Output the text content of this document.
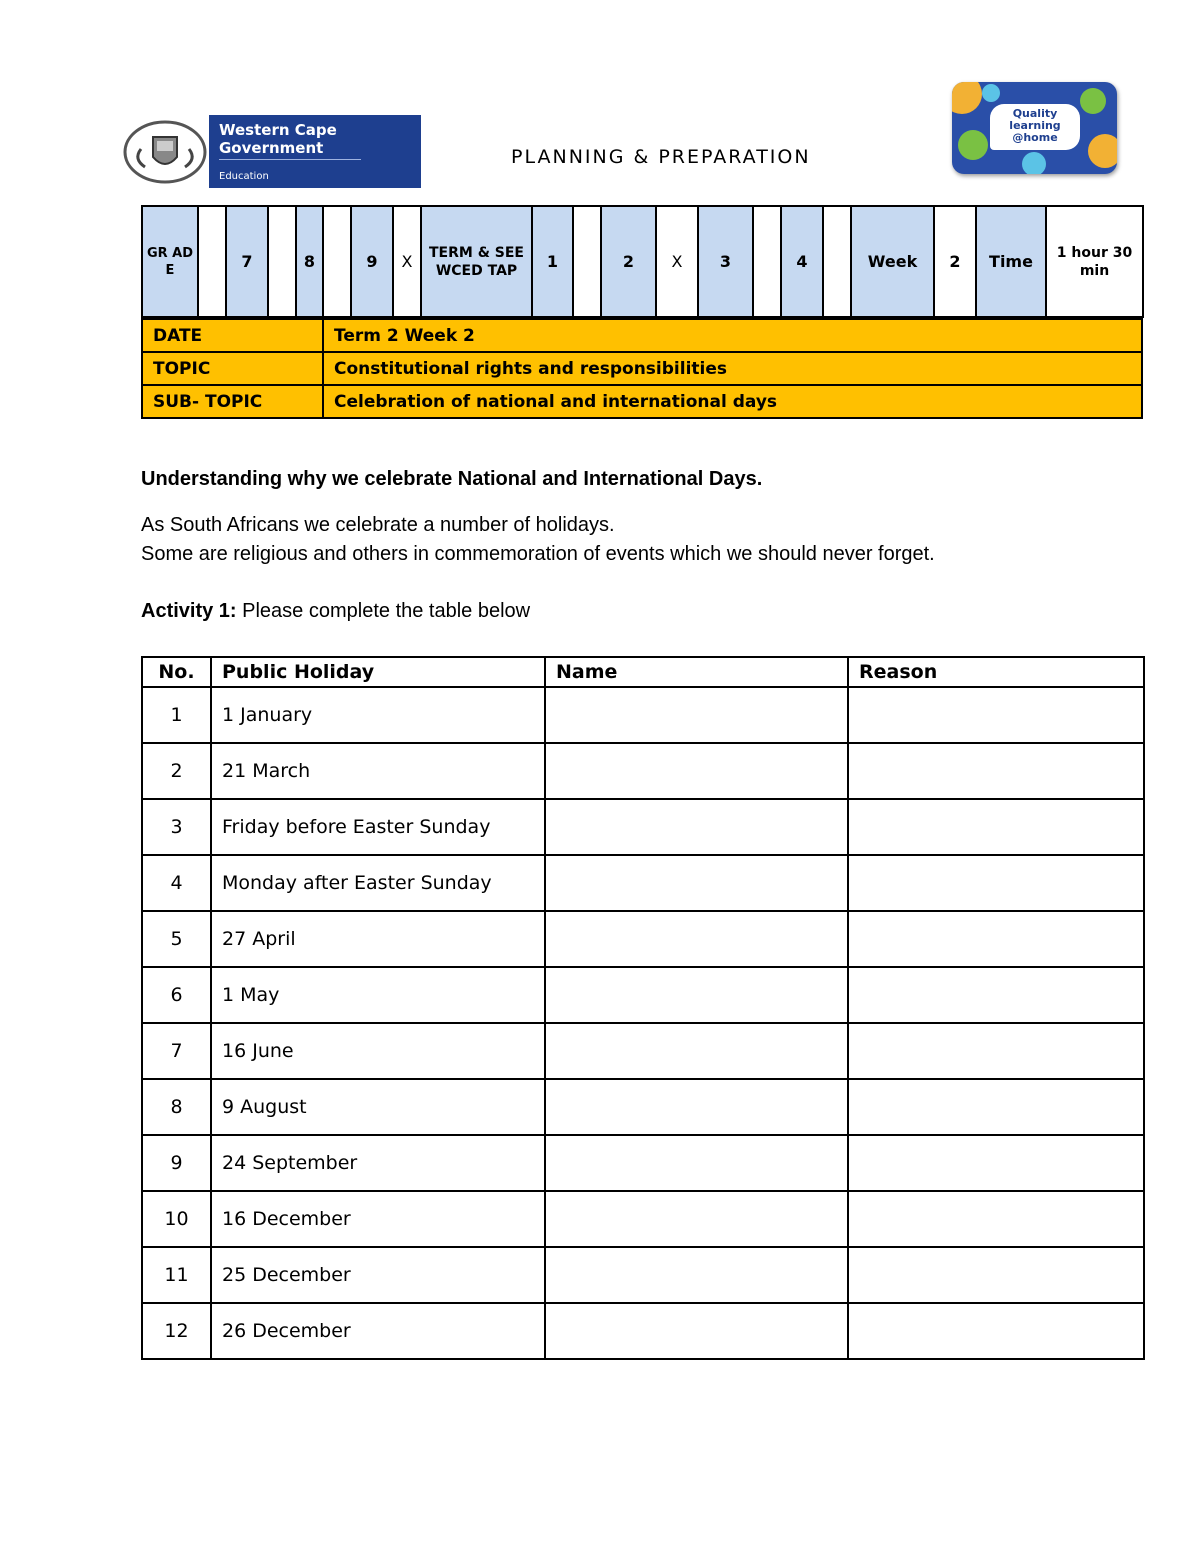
Western Cape
Government
Education
PLANNING & PREPARATION
Quality
learning
@home
GR AD E		7		8		9	X	TERM & SEE WCED TAP	1		2	X	3		4		Week	2	Time	1 hour 30 min
DATE	Term 2 Week 2
TOPIC	Constitutional rights and responsibilities
SUB- TOPIC	Celebration of national and international days
Understanding why we celebrate National and International Days.
As South Africans we celebrate a number of holidays.
Some are religious and others in commemoration of events which we should never forget.
Activity 1: Please complete the table below
No.	Public Holiday	Name	Reason
1	1 January		
2	21 March		
3	Friday before Easter Sunday		
4	Monday after Easter Sunday		
5	27 April		
6	1 May		
7	16 June		
8	9 August		
9	24 September		
10	16 December		
11	25 December		
12	26 December		
